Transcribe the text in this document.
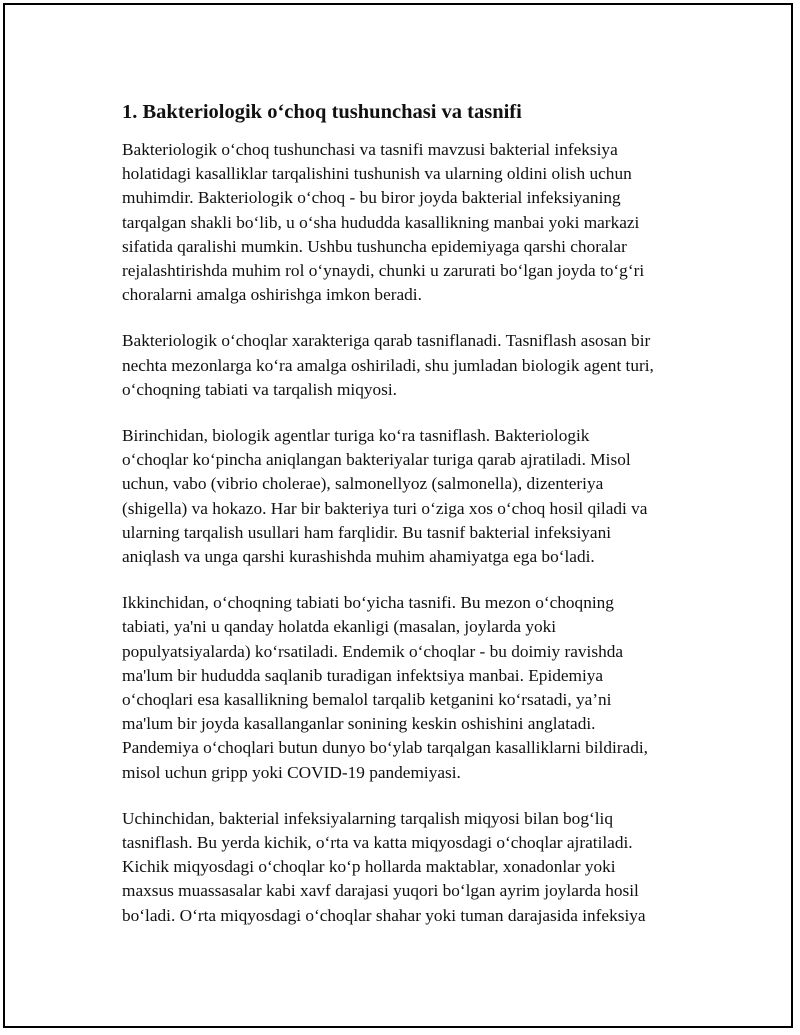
1. Bakteriologik oʻchoq tushunchasi va tasnifi

Bakteriologik oʻchoq tushunchasi va tasnifi mavzusi bakterial infeksiya
holatidagi kasalliklar tarqalishini tushunish va ularning oldini olish uchun
muhimdir. Bakteriologik oʻchoq - bu biror joyda bakterial infeksiyaning
tarqalgan shakli boʻlib, u oʻsha hududda kasallikning manbai yoki markazi
sifatida qaralishi mumkin. Ushbu tushuncha epidemiyaga qarshi choralar
rejalashtirishda muhim rol oʻynaydi, chunki u zarurati boʻlgan joyda toʻgʻri
choralarni amalga oshirishga imkon beradi.

Bakteriologik oʻchoqlar xarakteriga qarab tasniflanadi. Tasniflash asosan bir
nechta mezonlarga koʻra amalga oshiriladi, shu jumladan biologik agent turi,
oʻchoqning tabiati va tarqalish miqyosi.

Birinchidan, biologik agentlar turiga koʻra tasniflash. Bakteriologik
oʻchoqlar koʻpincha aniqlangan bakteriyalar turiga qarab ajratiladi. Misol
uchun, vabo (vibrio cholerae), salmonellyoz (salmonella), dizenteriya
(shigella) va hokazo. Har bir bakteriya turi oʻziga xos oʻchoq hosil qiladi va
ularning tarqalish usullari ham farqlidir. Bu tasnif bakterial infeksiyani
aniqlash va unga qarshi kurashishda muhim ahamiyatga ega boʻladi.

Ikkinchidan, oʻchoqning tabiati boʻyicha tasnifi. Bu mezon oʻchoqning
tabiati, ya'ni u qanday holatda ekanligi (masalan, joylarda yoki
populyatsiyalarda) koʻrsatiladi. Endemik oʻchoqlar - bu doimiy ravishda
ma'lum bir hududda saqlanib turadigan infektsiya manbai. Epidemiya
oʻchoqlari esa kasallikning bemalol tarqalib ketganini koʻrsatadi, ya’ni
ma'lum bir joyda kasallanganlar sonining keskin oshishini anglatadi.
Pandemiya oʻchoqlari butun dunyo boʻylab tarqalgan kasalliklarni bildiradi,
misol uchun gripp yoki COVID-19 pandemiyasi.

Uchinchidan, bakterial infeksiyalarning tarqalish miqyosi bilan bogʻliq
tasniflash. Bu yerda kichik, oʻrta va katta miqyosdagi oʻchoqlar ajratiladi.
Kichik miqyosdagi oʻchoqlar koʻp hollarda maktablar, xonadonlar yoki
maxsus muassasalar kabi xavf darajasi yuqori boʻlgan ayrim joylarda hosil
boʻladi. Oʻrta miqyosdagi oʻchoqlar shahar yoki tuman darajasida infeksiya
